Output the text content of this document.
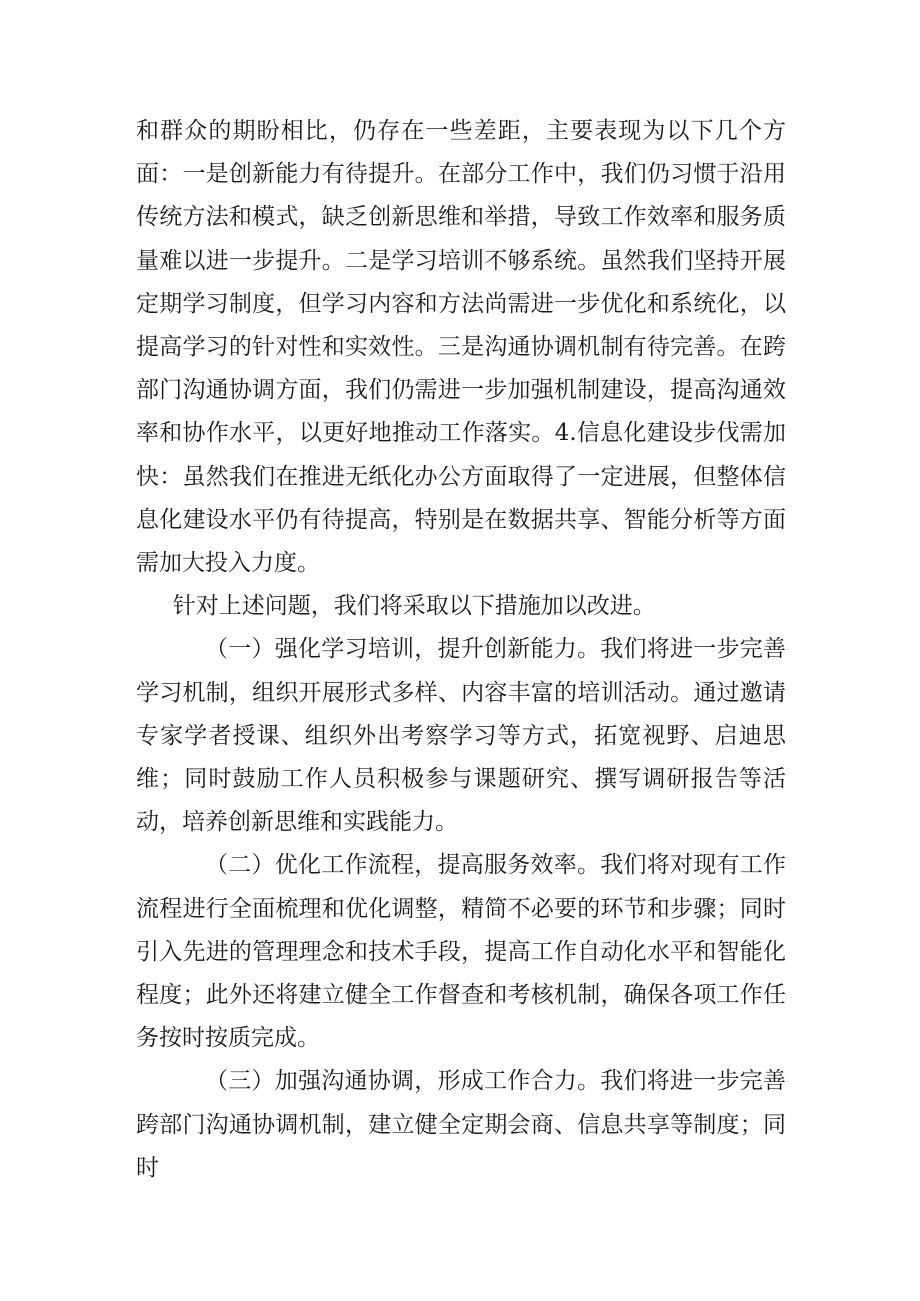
和群众的期盼相比，仍存在一些差距，主要表现为以下几个方面：一是创新能力有待提升。在部分工作中，我们仍习惯于沿用传统方法和模式，缺乏创新思维和举措，导致工作效率和服务质量难以进一步提升。二是学习培训不够系统。虽然我们坚持开展定期学习制度，但学习内容和方法尚需进一步优化和系统化，以提高学习的针对性和实效性。三是沟通协调机制有待完善。在跨部门沟通协调方面，我们仍需进一步加强机制建设，提高沟通效率和协作水平，以更好地推动工作落实。4.信息化建设步伐需加快：虽然我们在推进无纸化办公方面取得了一定进展，但整体信息化建设水平仍有待提高，特别是在数据共享、智能分析等方面需加大投入力度。

针对上述问题，我们将采取以下措施加以改进。

（一）强化学习培训，提升创新能力。我们将进一步完善学习机制，组织开展形式多样、内容丰富的培训活动。通过邀请专家学者授课、组织外出考察学习等方式，拓宽视野、启迪思维；同时鼓励工作人员积极参与课题研究、撰写调研报告等活动，培养创新思维和实践能力。

（二）优化工作流程，提高服务效率。我们将对现有工作流程进行全面梳理和优化调整，精简不必要的环节和步骤；同时引入先进的管理理念和技术手段，提高工作自动化水平和智能化程度；此外还将建立健全工作督查和考核机制，确保各项工作任务按时按质完成。

（三）加强沟通协调，形成工作合力。我们将进一步完善跨部门沟通协调机制，建立健全定期会商、信息共享等制度；同时
